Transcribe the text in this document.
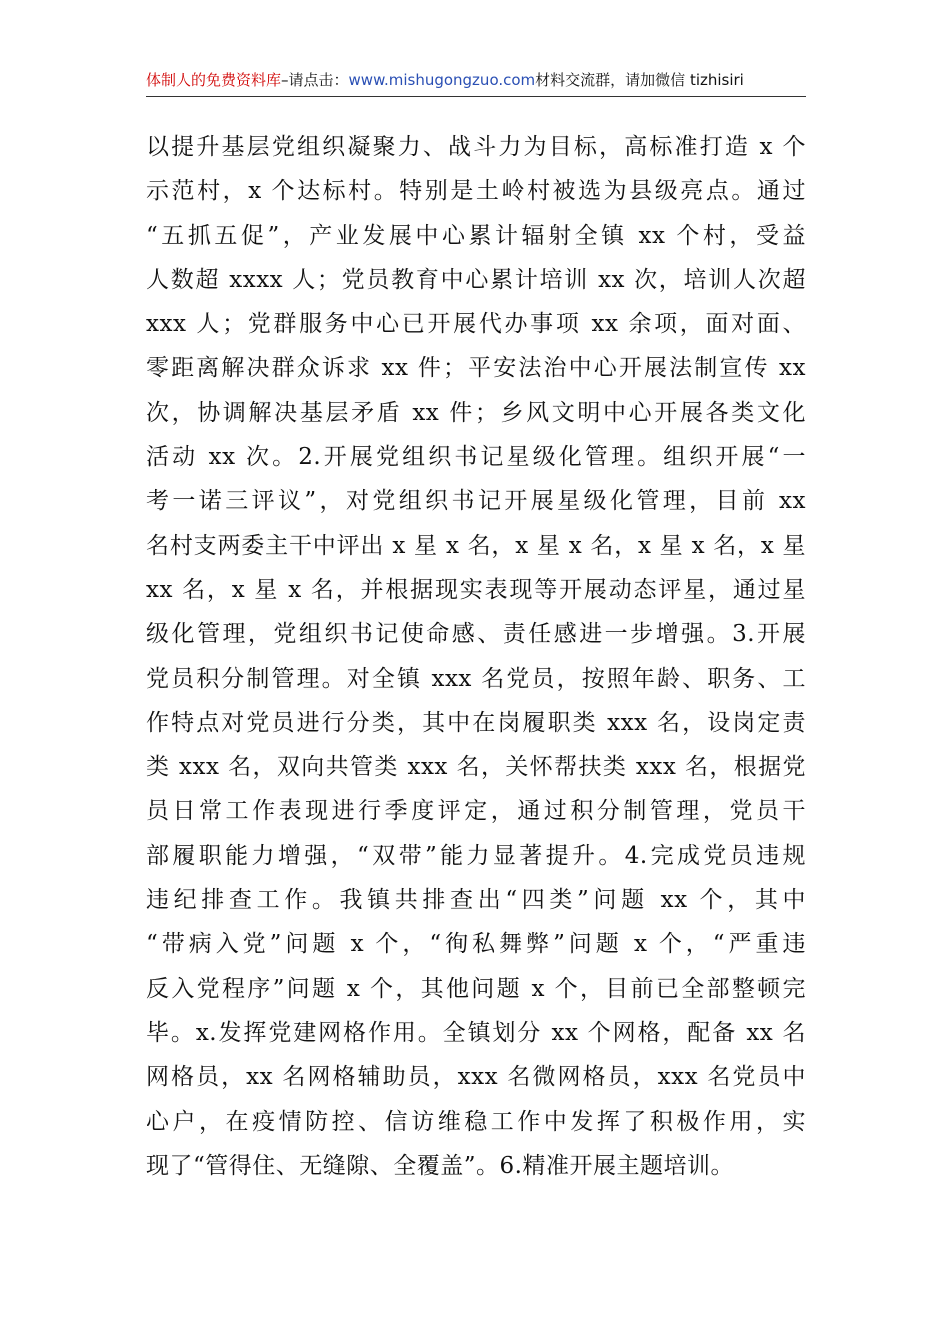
体制人的免费资料库–请点击：www.mishugongzuo.com材料交流群，请加微信 tizhisiri
以提升基层党组织凝聚力、战斗力为目标，高标准打造 x 个
示范村，x 个达标村。特别是土岭村被选为县级亮点。通过
“五抓五促”，产业发展中心累计辐射全镇 xx 个村，受益
人数超 xxxx 人；党员教育中心累计培训 xx 次，培训人次超
xxx 人；党群服务中心已开展代办事项 xx 余项，面对面、
零距离解决群众诉求 xx 件；平安法治中心开展法制宣传 xx
次，协调解决基层矛盾 xx 件；乡风文明中心开展各类文化
活动 xx 次。2.开展党组织书记星级化管理。组织开展“一
考一诺三评议”，对党组织书记开展星级化管理，目前 xx
名村支两委主干中评出 x 星 x 名，x 星 x 名，x 星 x 名，x 星
xx 名，x 星 x 名，并根据现实表现等开展动态评星，通过星
级化管理，党组织书记使命感、责任感进一步增强。3.开展
党员积分制管理。对全镇 xxx 名党员，按照年龄、职务、工
作特点对党员进行分类，其中在岗履职类 xxx 名，设岗定责
类 xxx 名，双向共管类 xxx 名，关怀帮扶类 xxx 名，根据党
员日常工作表现进行季度评定，通过积分制管理，党员干
部履职能力增强，“双带”能力显著提升。4.完成党员违规
违纪排查工作。我镇共排查出“四类”问题 xx 个，其中
“带病入党”问题 x 个，“徇私舞弊”问题 x 个，“严重违
反入党程序”问题 x 个，其他问题 x 个，目前已全部整顿完
毕。x.发挥党建网格作用。全镇划分 xx 个网格，配备 xx 名
网格员，xx 名网格辅助员，xxx 名微网格员，xxx 名党员中
心户，在疫情防控、信访维稳工作中发挥了积极作用，实
现了“管得住、无缝隙、全覆盖”。6.精准开展主题培训。
